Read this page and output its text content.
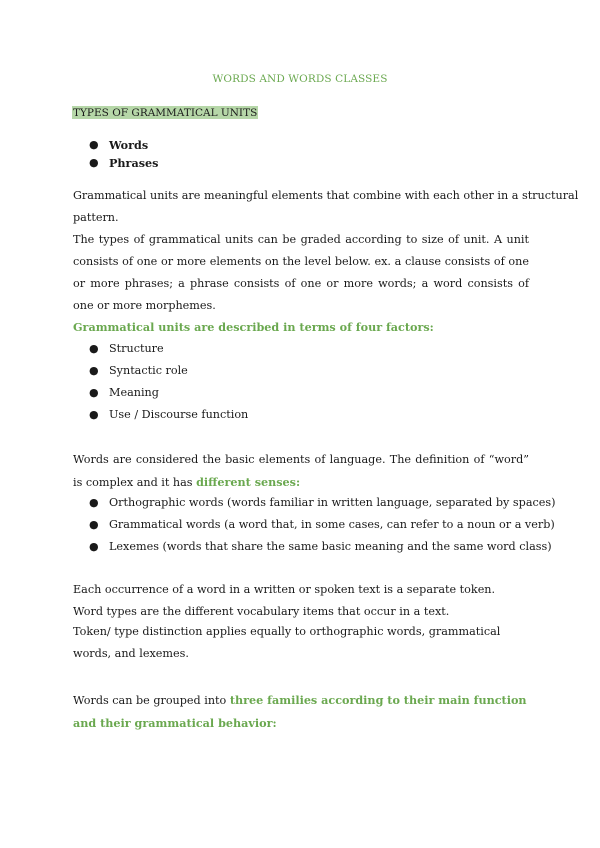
WORDS AND WORDS CLASSES
TYPES OF GRAMMATICAL UNITS
● Words
● Phrases
Grammatical units are meaningful elements that combine with each other in a structural
pattern.
The types of grammatical units can be graded according to size of unit. A unit consists of one or more elements on the level below. ex. a clause consists of one or more phrases; a phrase consists of one or more words; a word consists of one or more morphemes.
Grammatical units are described in terms of four factors:
● Structure
● Syntactic role
● Meaning
● Use / Discourse function
Words are considered the basic elements of language. The definition of “word” is complex and it has different senses:
● Orthographic words (words familiar in written language, separated by spaces)
● Grammatical words (a word that, in some cases, can refer to a noun or a verb)
● Lexemes (words that share the same basic meaning and the same word class)
Each occurrence of a word in a written or spoken text is a separate token.
Word types are the different vocabulary items that occur in a text.
Token/ type distinction applies equally to orthographic words, grammatical words, and lexemes.
Words can be grouped into three families according to their main function and their grammatical behavior:
